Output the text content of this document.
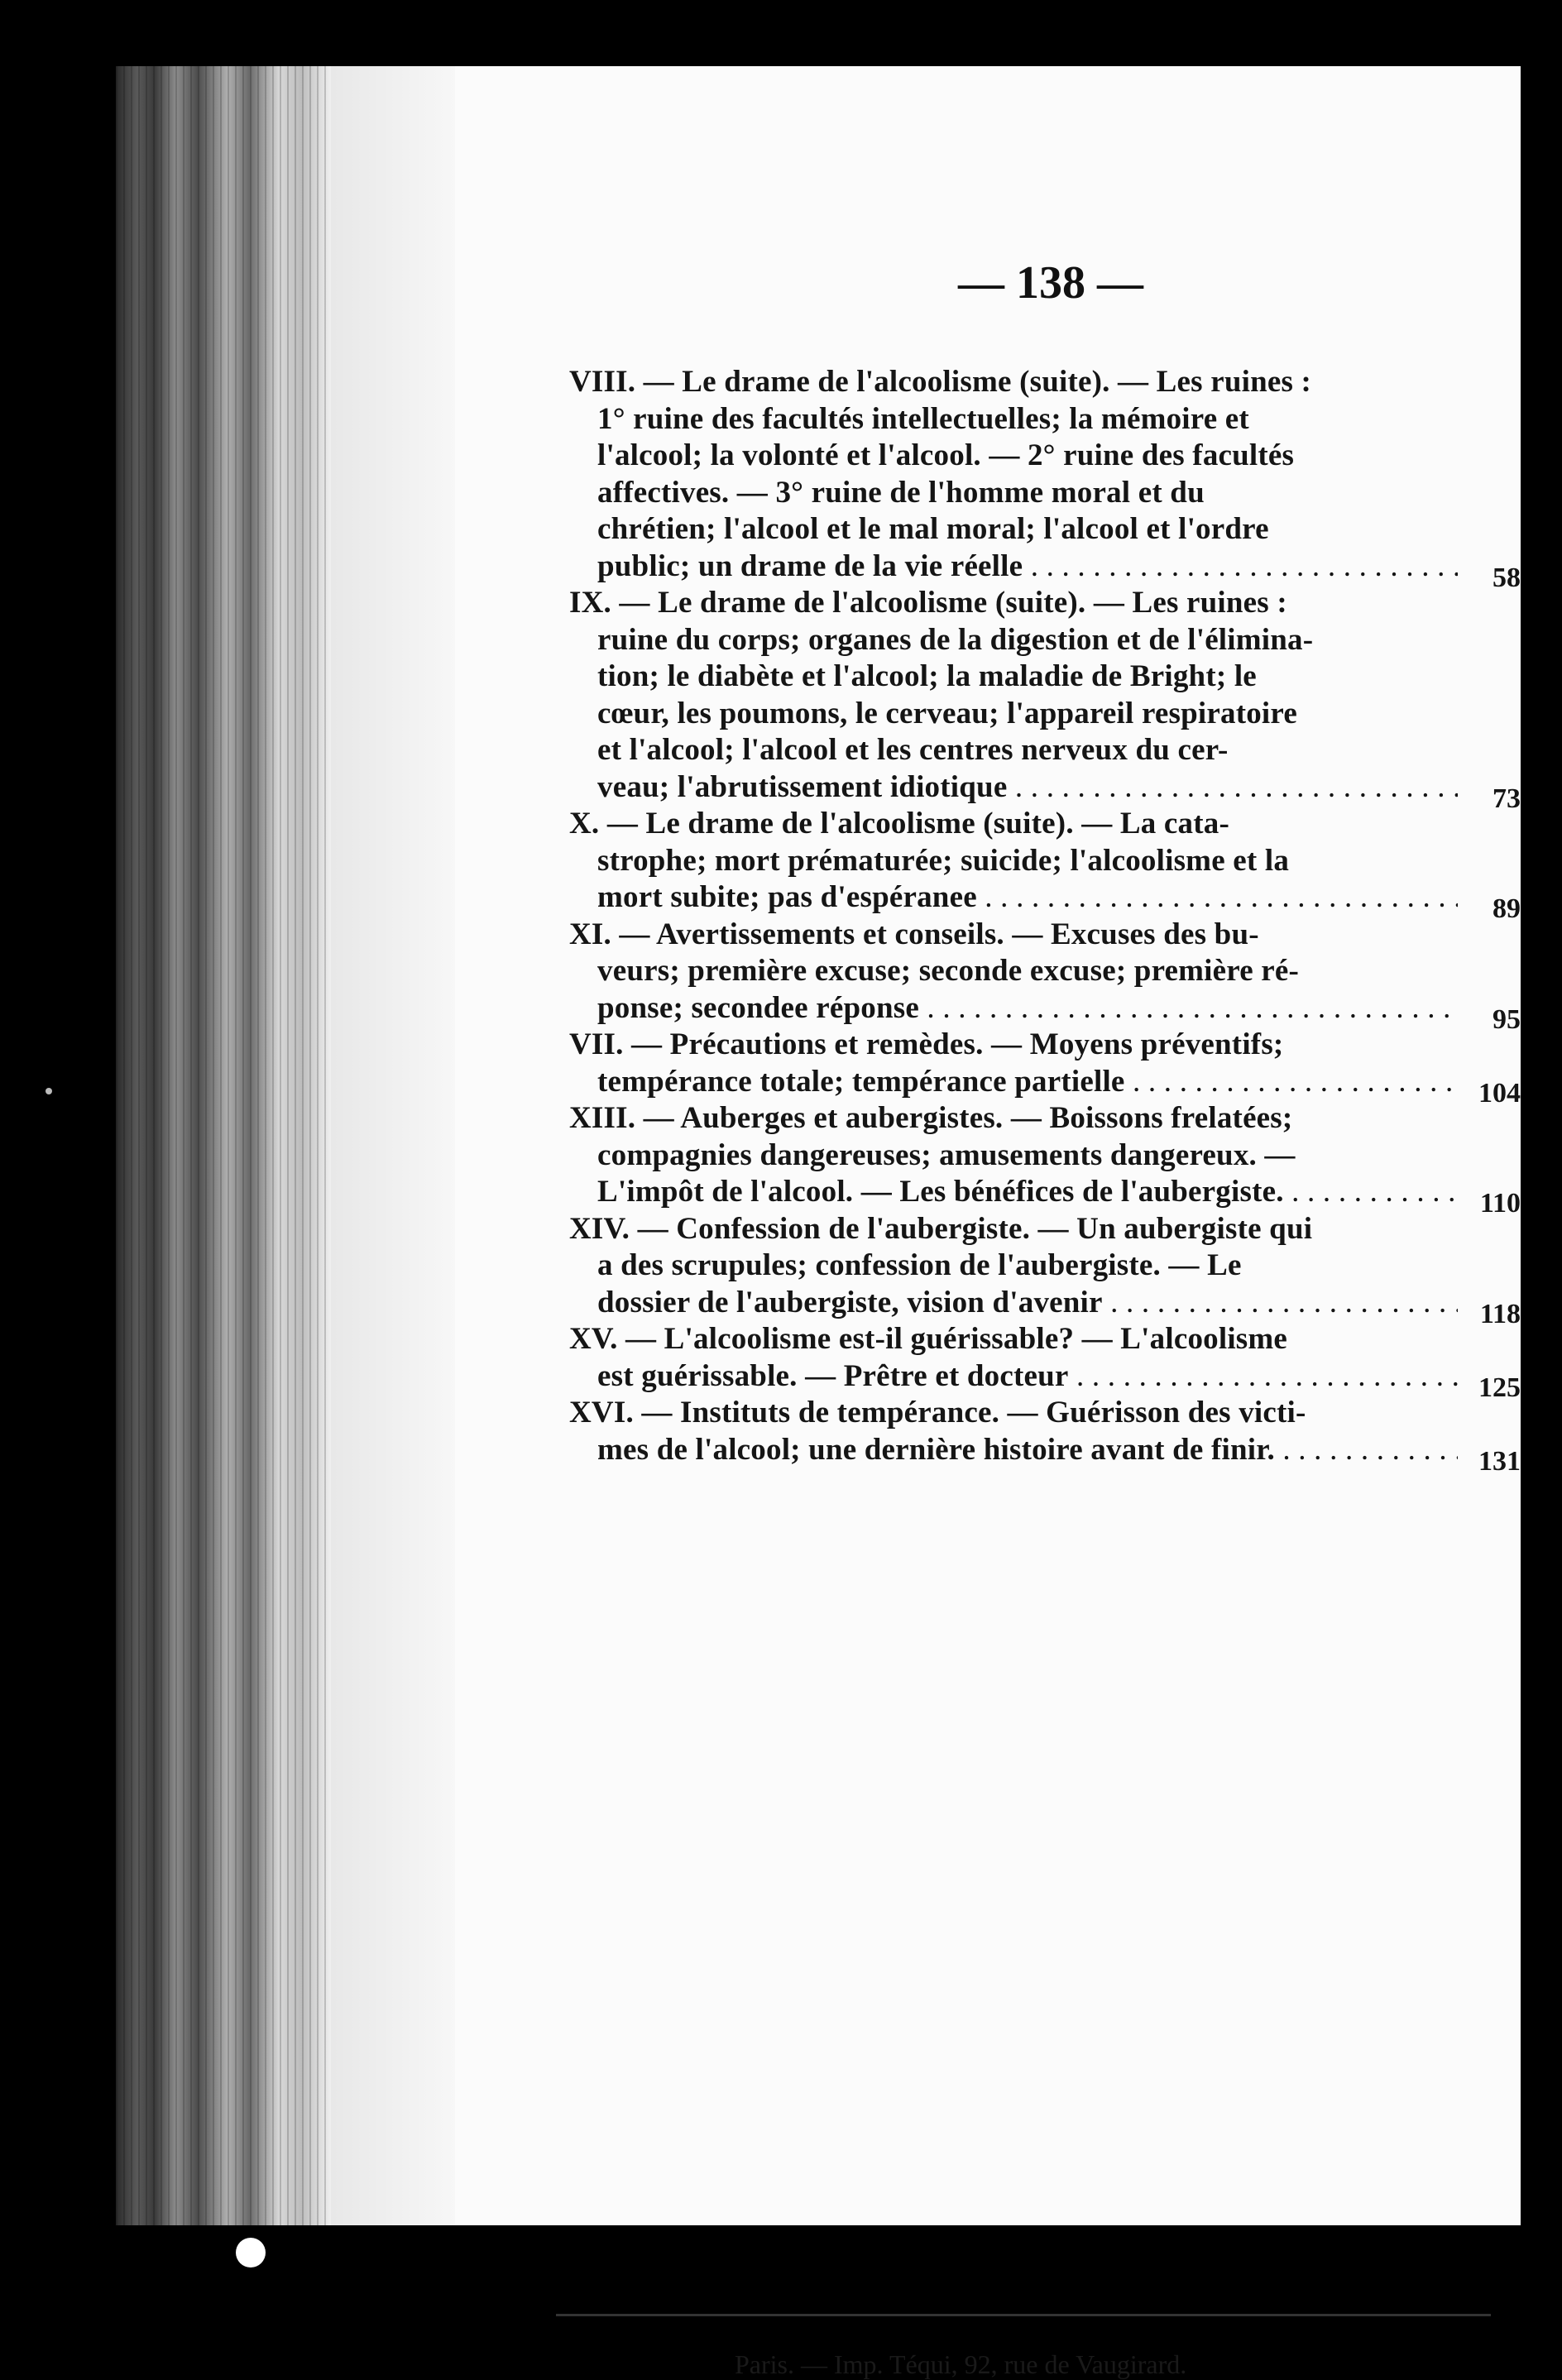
— 138 —
VIII. — Le drame de l'alcoolisme (suite). — Les ruines :
1° ruine des facultés intellectuelles; la mémoire et
l'alcool; la volonté et l'alcool. — 2° ruine des facultés
affectives. — 3° ruine de l'homme moral et du
chrétien; l'alcool et le mal moral; l'alcool et l'ordre
public; un drame de la vie réelle . . .	58
IX. — Le drame de l'alcoolisme (suite). — Les ruines :
ruine du corps; organes de la digestion et de l'élimina-
tion; le diabète et l'alcool; la maladie de Bright; le
cœur, les poumons, le cerveau; l'appareil respiratoire
et l'alcool; l'alcool et les centres nerveux du cer-
veau; l'abrutissement idiotique . . .	73
X. — Le drame de l'alcoolisme (suite). — La cata-
strophe; mort prématurée; suicide; l'alcoolisme et la
mort subite; pas d'espéranee . . .	89
XI. — Avertissements et conseils. — Excuses des bu-
veurs; première excuse; seconde excuse; première ré-
ponse; secondee réponse . . .	95
VII. — Précautions et remèdes. — Moyens préventifs;
tempérance totale; tempérance partielle . . .	104
XIII. — Auberges et aubergistes. — Boissons frelatées;
compagnies dangereuses; amusements dangereux. —
L'impôt de l'alcool. — Les bénéfices de l'aubergiste. . . .	110
XIV. — Confession de l'aubergiste. — Un aubergiste qui
a des scrupules; confession de l'aubergiste. — Le
dossier de l'aubergiste, vision d'avenir . . .	118
XV. — L'alcoolisme est-il guérissable? — L'alcoolisme
est guérissable. — Prêtre et docteur . . .	125
XVI. — Instituts de tempérance. — Guérisson des victi-
mes de l'alcool; une dernière histoire avant de finir. . . .	131
Paris. — Imp. Téqui, 92, rue de Vaugirard.
